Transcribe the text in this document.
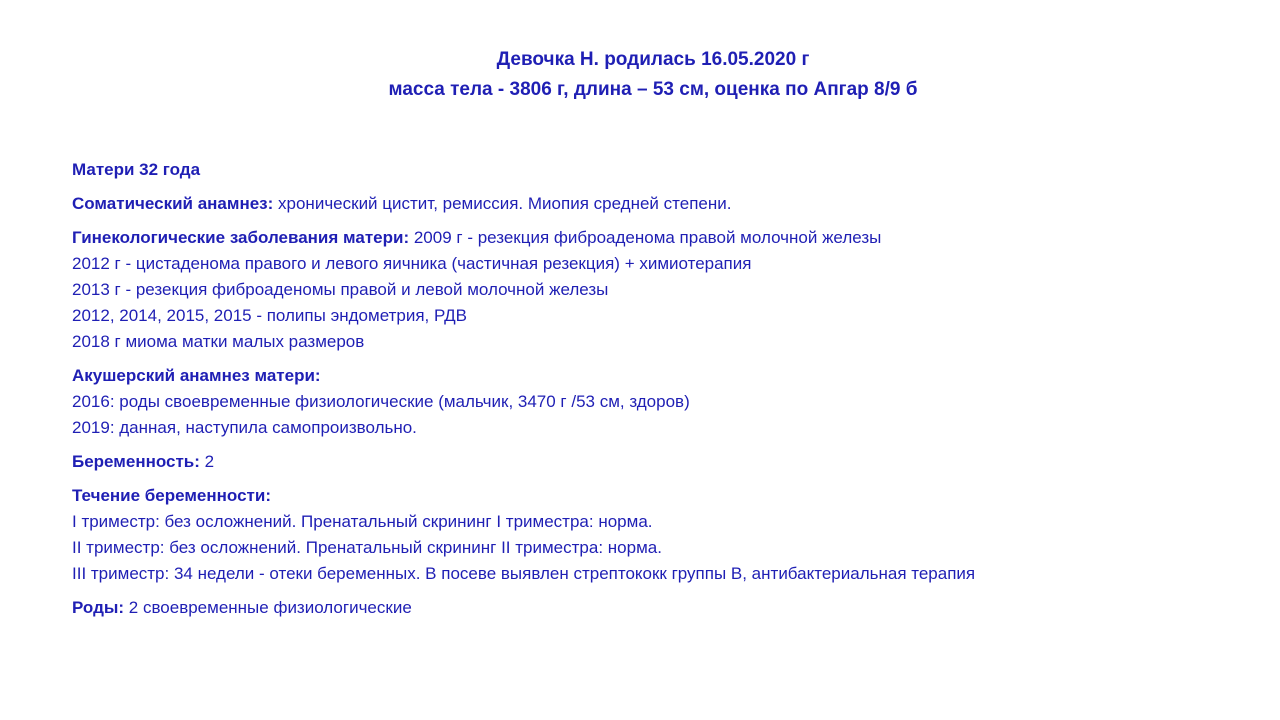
Девочка Н. родилась 16.05.2020 г
масса тела - 3806 г, длина – 53 см, оценка по Апгар 8/9 б
Матери 32 года
Соматический анамнез: хронический цистит, ремиссия. Миопия средней степени.
Гинекологические заболевания матери: 2009 г - резекция фиброаденома правой молочной железы
2012 г - цистаденома правого и левого яичника (частичная резекция) + химиотерапия
2013 г - резекция фиброаденомы правой и левой молочной железы
2012, 2014, 2015, 2015 - полипы эндометрия, РДВ
2018 г миома матки малых размеров
Акушерский анамнез матери:
2016: роды своевременные физиологические (мальчик, 3470 г /53 см, здоров)
2019: данная, наступила самопроизвольно.
Беременность: 2
Течение беременности:
I триместр: без осложнений. Пренатальный скрининг I триместра: норма.
II триместр: без осложнений. Пренатальный скрининг II триместра: норма.
III триместр: 34 недели - отеки беременных. В посеве выявлен стрептококк группы В, антибактериальная терапия
Роды: 2 своевременные физиологические
